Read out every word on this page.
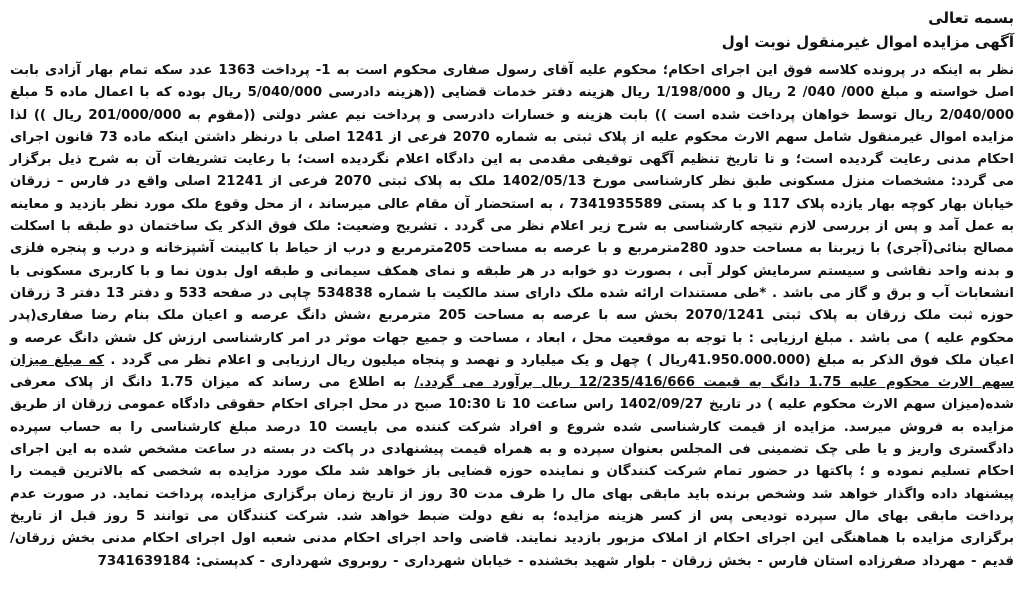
بسمه تعالی

آگهی مزایده اموال غیرمنقول نوبت اول

نظر به اینکه در پرونده کلاسه فوق این اجرای احکام؛ محکوم علیه آقای رسول صفاری محکوم است به 1- پرداخت 1363 عدد سکه تمام بهار آزادی بابت اصل خواسته و مبلغ 000/ 040/ 2 ریال و 1/198/000 ریال هزینه دفتر خدمات قضایی ((هزینه دادرسی 5/040/000 ریال بوده که با اعمال ماده 5 مبلغ 2/040/000 ریال توسط خواهان پرداخت شده است )) بابت هزینه و خسارات دادرسی و پرداخت نیم عشر دولتی ((مقوم به 201/000/000 ریال )) لذا مزایده اموال غیرمنقول شامل سهم الارث محکوم علیه از پلاک ثبتی به شماره 2070 فرعی از 1241 اصلی با درنظر داشتن اینکه ماده 73 قانون اجرای احکام مدنی رعایت گردیده است؛ و تا تاریخ تنظیم آگهی توقیفی مقدمی به این دادگاه اعلام نگردیده است؛ با رعایت تشریفات آن به شرح ذیل برگزار می گردد: مشخصات منزل مسکونی طبق نظر کارشناسی مورخ 1402/05/13 ملک به پلاک ثبتی 2070 فرعی از 21241 اصلی واقع در فارس – زرقان خیابان بهار کوچه بهار یازده پلاک 117 و با کد پستی 7341935589 ، به استحضار آن مقام عالی میرساند ، از محل وقوع ملک مورد نظر بازدید و معاینه به عمل آمد و پس از بررسی لازم نتیجه کارشناسی به شرح زیر اعلام نظر می گردد . تشریح وضعیت: ملک فوق الذکر یک ساختمان دو طبقه با اسکلت مصالح بنائی(آجری) با زیربنا به مساحت حدود 280مترمربع و با عرصه به مساحت 205مترمربع و درب از حیاط با کابینت آشپزخانه و درب و پنجره فلزی و بدنه واحد نقاشی و سیستم سرمایش کولر آبی ، بصورت دو خوابه در هر طبقه و نمای همکف سیمانی و طبقه اول بدون نما و با کاربری مسکونی با انشعابات آب و برق و گاز می باشد . *طی مستندات ارائه شده ملک دارای سند مالکیت با شماره 534838 چاپی در صفحه 533 و دفتر 13 دفتر 3 زرقان حوزه ثبت ملک زرقان به پلاک ثبتی 2070/1241 بخش سه با عرصه به مساحت 205 مترمربع ،شش دانگ عرصه و اعیان ملک بنام رضا صفاری(پدر محکوم علیه ) می باشد . مبلغ ارزیابی : با توجه به موقعیت محل ، ابعاد ، مساحت و جمیع جهات موثر در امر کارشناسی ارزش کل شش دانگ عرصه و اعیان ملک فوق الذکر به مبلغ (41.950.000.000ریال ) چهل و یک میلیارد و نهصد و پنجاه میلیون ریال ارزیابی و اعلام نظر می گردد . که مبلغ میزان سهم الارث محکوم علیه 1.75 دانگ به قیمت 12/235/416/666 ریال برآورد می گردد./ به اطلاع می رساند که میزان 1.75 دانگ از پلاک معرفی شده(میزان سهم الارث محکوم علیه ) در تاریخ 1402/09/27 راس ساعت 10 تا 10:30 صبح در محل اجرای احکام حقوقی دادگاه عمومی زرقان از طریق مزایده به فروش میرسد. مزایده از قیمت کارشناسی شده شروع و افراد شرکت کننده می بایست 10 درصد مبلغ کارشناسی را به حساب سپرده دادگستری واریز و یا طی چک تضمینی فی المجلس بعنوان سپرده و به همراه قیمت پیشنهادی در پاکت در بسته در ساعت مشخص شده به این اجرای احکام تسلیم نموده و ؛ پاکتها در حضور تمام شرکت کنندگان و نماینده حوزه قضایی باز خواهد شد ملک مورد مزایده به شخصی که بالاترین قیمت را پیشنهاد داده واگذار خواهد شد وشخص برنده باید مابقی بهای مال را ظرف مدت 30 روز از تاریخ زمان برگزاری مزایده، پرداخت نماید. در صورت عدم پرداخت مابقی بهای مال سپرده تودیعی پس از کسر هزینه مزایده؛ به نفع دولت ضبط خواهد شد. شرکت کنندگان می توانند 5 روز قبل از تاریخ برگزاری مزایده با هماهنگی این اجرای احکام از املاک مزبور بازدید نمایند. قاضی واحد اجرای احکام مدنی شعبه اول اجرای احکام مدنی بخش زرقان/قدیم - مهرداد صفرزاده استان فارس - بخش زرقان - بلوار شهید بخشنده - خیابان شهرداری - روبروی شهرداری - کدپستی: 7341639184
